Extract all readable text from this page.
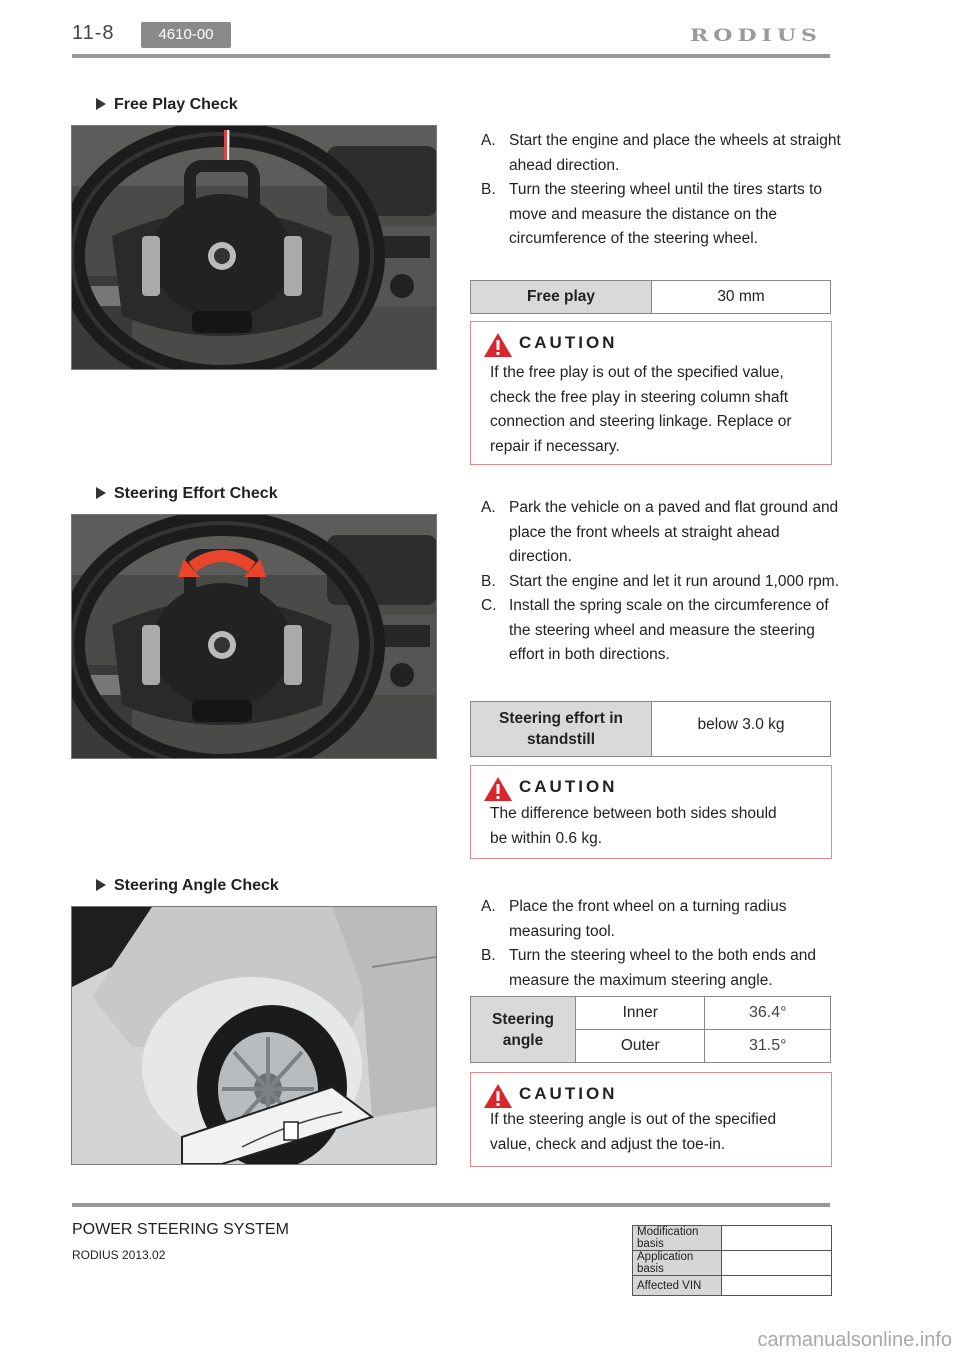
11-8	4610-00	RODIUS
Free Play Check
A. Start the engine and place the wheels at straight ahead direction.
B. Turn the steering wheel until the tires starts to move and measure the distance on the circumference of the steering wheel.
Free play	30 mm
CAUTION
If the free play is out of the specified value,
check the free play in steering column shaft
connection and steering linkage. Replace or
repair if necessary.
Steering Effort Check
A. Park the vehicle on a paved and flat ground and place the front wheels at straight ahead direction.
B. Start the engine and let it run around 1,000 rpm.
C. Install the spring scale on the circumference of the steering wheel and measure the steering effort in both directions.
Steering effort in
standstill
	below 3.0 kg
CAUTION
The difference between both sides should
be within 0.6 kg.
Steering Angle Check
A. Place the front wheel on a turning radius measuring tool.
B. Turn the steering wheel to the both ends and measure the maximum steering angle.
Steering
angle	Inner	36.4°
	Outer	31.5°
CAUTION
If the steering angle is out of the specified
value, check and adjust the toe-in.
POWER STEERING SYSTEM
RODIUS 2013.02
Modification basis	
Application basis	
Affected VIN	
carmanualsonline.info
